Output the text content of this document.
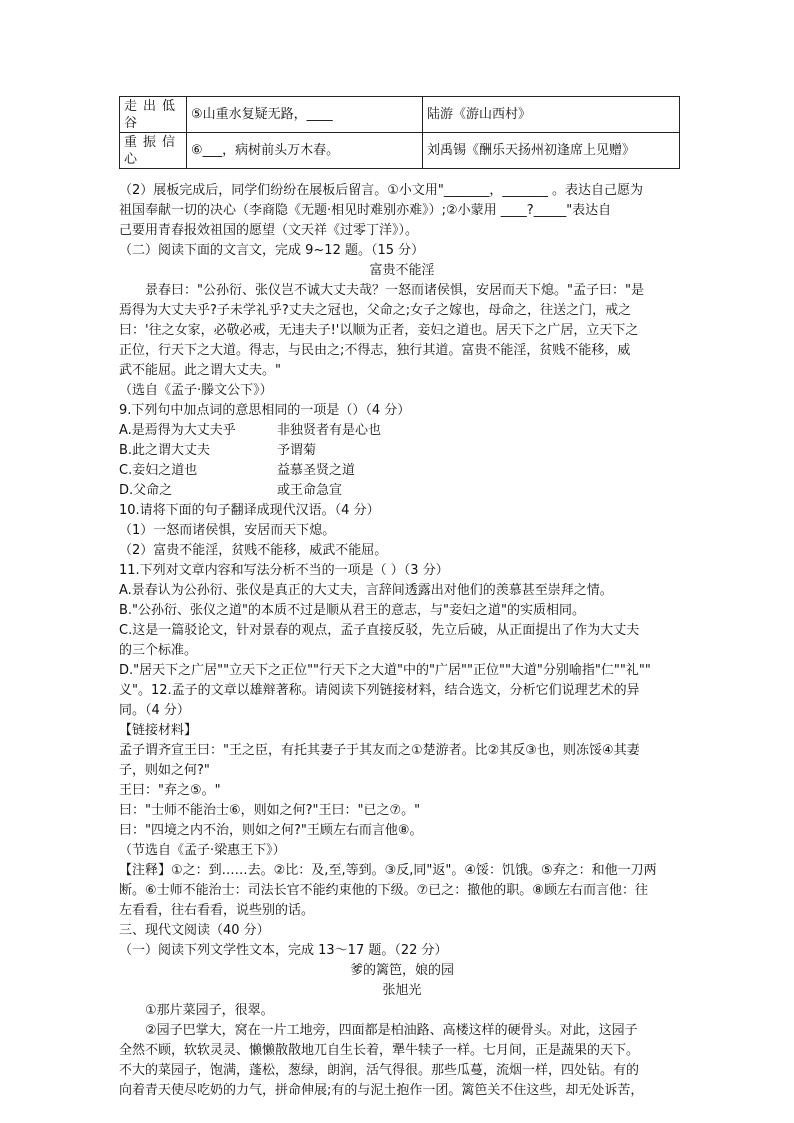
走出低谷	⑤山重水复疑无路，____	陆游《游山西村》
重振信心	⑥___，病树前头万木春。	刘禹锡《酬乐天扬州初逢席上见赠》

（2）展板完成后，同学们纷纷在展板后留言。①小文用"_______，_______ 。表达自己愿为

祖国奉献一切的决心（李商隐《无题·相见时难别亦难》）;②小蒙用 ____?_____"表达自

己要用青春报效祖国的愿望（文天祥《过零丁洋》）。

（二）阅读下面的文言文，完成 9~12 题。（15 分）

富贵不能淫

景春曰："公孙衍、张仪岂不诚大丈夫哉？一怒而诸侯惧，安居而天下熄。"孟子曰："是

焉得为大丈夫乎?子未学礼乎?丈夫之冠也，父命之;女子之嫁也，母命之，往送之门，戒之

曰：'往之女家，必敬必戒，无违夫子!'以顺为正者，妾妇之道也。居天下之广居，立天下之

正位，行天下之大道。得志，与民由之;不得志，独行其道。富贵不能淫，贫贱不能移，威

武不能屈。此之谓大丈夫。"

（选自《孟子·滕文公下》）

9.下列句中加点词的意思相同的一项是（）（4 分）

A.是焉得为大丈夫乎	非独贤者有是心也

B.此之谓大丈夫	予谓菊

C.妾妇之道也	益慕圣贤之道

D.父命之	或王命急宣

10.请将下面的句子翻译成现代汉语。（4 分）

（1）一怒而诸侯惧，安居而天下熄。

（2）富贵不能淫，贫贱不能移，威武不能屈。

11.下列对文章内容和写法分析不当的一项是（ ）（3 分）

A.景春认为公孙衍、张仪是真正的大丈夫，言辞间透露出对他们的羡慕甚至崇拜之情。

B."公孙衍、张仪之道"的本质不过是顺从君王的意志，与"妾妇之道"的实质相同。

C.这是一篇驳论文，针对景春的观点，孟子直接反驳，先立后破，从正面提出了作为大丈夫

的三个标准。

D."居天下之广居""立天下之正位""行天下之大道"中的"广居""正位""大道"分别喻指"仁""礼""

义"。12.孟子的文章以雄辩著称。请阅读下列链接材料，结合选文，分析它们说理艺术的异

同。（4 分）

【链接材料】

孟子谓齐宣王曰："王之臣，有托其妻子于其友而之①楚游者。比②其反③也，则冻馁④其妻

子，则如之何?"

王曰："弃之⑤。"

曰："士师不能治士⑥，则如之何?"王曰："已之⑦。"

曰："四境之内不治，则如之何?"王顾左右而言他⑧。

（节选自《孟子·梁惠王下》）

【注释】①之：到……去。②比：及,至,等到。③反,同"返"。④馁：饥饿。⑤弃之：和他一刀两

断。⑥士师不能治士：司法长官不能约束他的下级。⑦已之：撤他的职。⑧顾左右而言他：往

左看看，往右看看，说些别的话。

三、现代文阅读（40 分）

（一）阅读下列文学性文本，完成 13～17 题。（22 分）

爹的篱笆，娘的园

张旭光

①那片菜园子，很翠。

②园子巴掌大，窝在一片工地旁，四面都是柏油路、高楼这样的硬骨头。对此，这园子

全然不顾，软软灵灵、懒懒散散地兀自生长着，犟牛犊子一样。七月间，正是蔬果的天下。

不大的菜园子，饱满，蓬松，葱绿，朗润，活气得很。那些瓜蔓，流烟一样，四处钻。有的

向着青天使尽吃奶的力气，拼命伸展;有的与泥土抱作一团。篱笆关不住这些，却无处诉苦，
